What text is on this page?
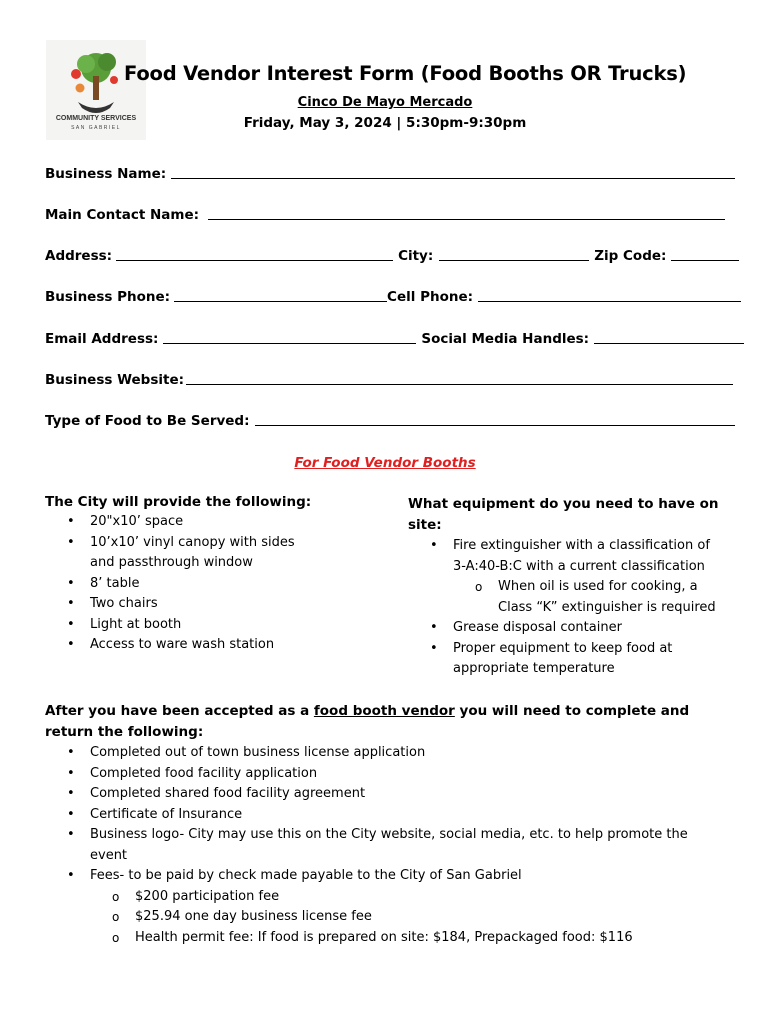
COMMUNITY SERVICES
SAN GABRIEL
Food Vendor Interest Form (Food Booths OR Trucks)
Cinco De Mayo Mercado
Friday, May 3, 2024 | 5:30pm-9:30pm
Business Name:
Main Contact Name:
Address:	City:	Zip Code:
Business Phone:	Cell Phone:
Email Address:	Social Media Handles:
Business Website:
Type of Food to Be Served:
For Food Vendor Booths
The City will provide the following:
• 20"x10’ space
• 10’x10’ vinyl canopy with sides and passthrough window
• 8’ table
• Two chairs
• Light at booth
• Access to ware wash station
What equipment do you need to have on site:
• Fire extinguisher with a classification of 3-A:40-B:C with a current classification
o When oil is used for cooking, a Class “K” extinguisher is required
• Grease disposal container
• Proper equipment to keep food at appropriate temperature
After you have been accepted as a food booth vendor you will need to complete and return the following:
• Completed out of town business license application
• Completed food facility application
• Completed shared food facility agreement
• Certificate of Insurance
• Business logo- City may use this on the City website, social media, etc. to help promote the event
• Fees- to be paid by check made payable to the City of San Gabriel
o $200 participation fee
o $25.94 one day business license fee
o Health permit fee: If food is prepared on site: $184, Prepackaged food: $116
